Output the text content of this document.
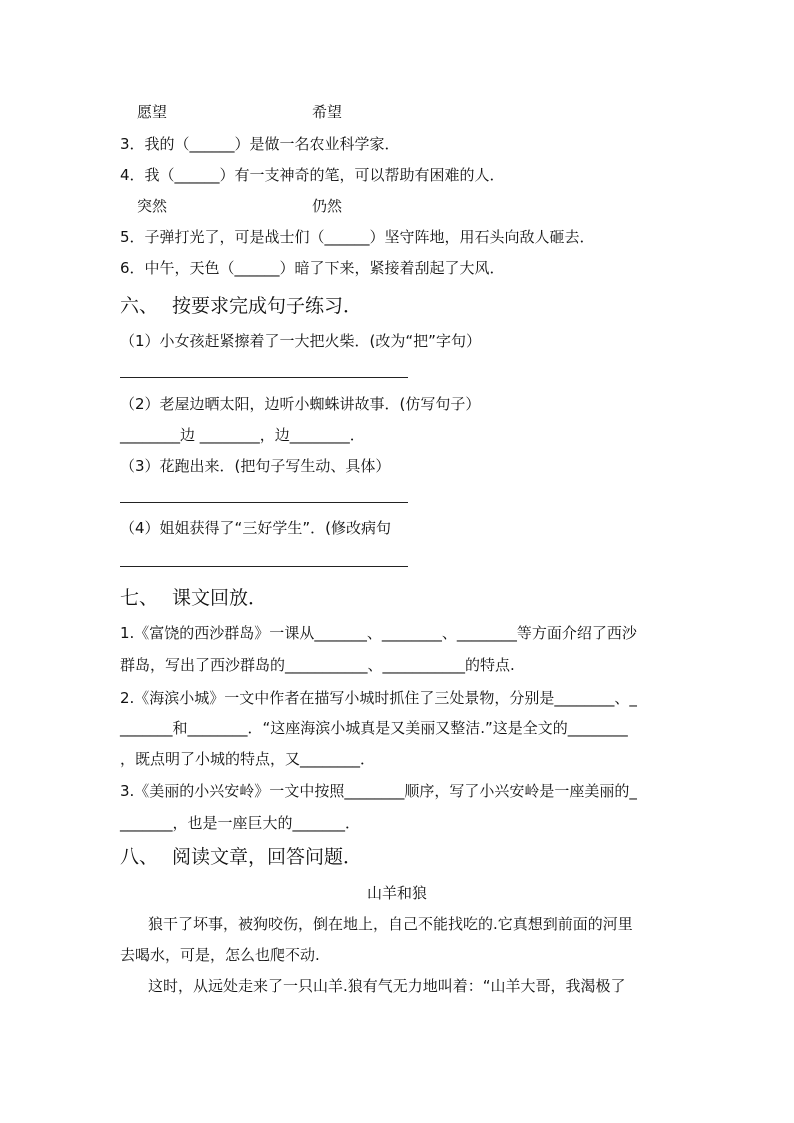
愿望	希望
3．我的（______）是做一名农业科学家．
4．我（______）有一支神奇的笔，可以帮助有困难的人．
突然	仍然
5．子弹打光了，可是战士们（______）坚守阵地，用石头向敌人砸去．
6．中午，天色（______）暗了下来，紧接着刮起了大风．
六、 按要求完成句子练习．
（1）小女孩赶紧擦着了一大把火柴．(改为“把”字句）
（2）老屋边晒太阳，边听小蜘蛛讲故事．(仿写句子）
________边 ________，边________．
（3）花跑出来．(把句子写生动、具体）
（4）姐姐获得了“三好学生”．(修改病句
七、 课文回放．
1.《富饶的西沙群岛》一课从_______、________、________等方面介绍了西沙
群岛，写出了西沙群岛的___________、___________的特点.
2.《海滨小城》一文中作者在描写小城时抓住了三处景物，分别是________、_
_______和________．“这座海滨小城真是又美丽又整洁.”这是全文的________
，既点明了小城的特点，又________．
3.《美丽的小兴安岭》一文中按照________顺序，写了小兴安岭是一座美丽的_
_______，也是一座巨大的_______．
八、 阅读文章，回答问题．
山羊和狼
狼干了坏事，被狗咬伤，倒在地上，自己不能找吃的.它真想到前面的河里
去喝水，可是，怎么也爬不动.
这时，从远处走来了一只山羊.狼有气无力地叫着：“山羊大哥，我渴极了
